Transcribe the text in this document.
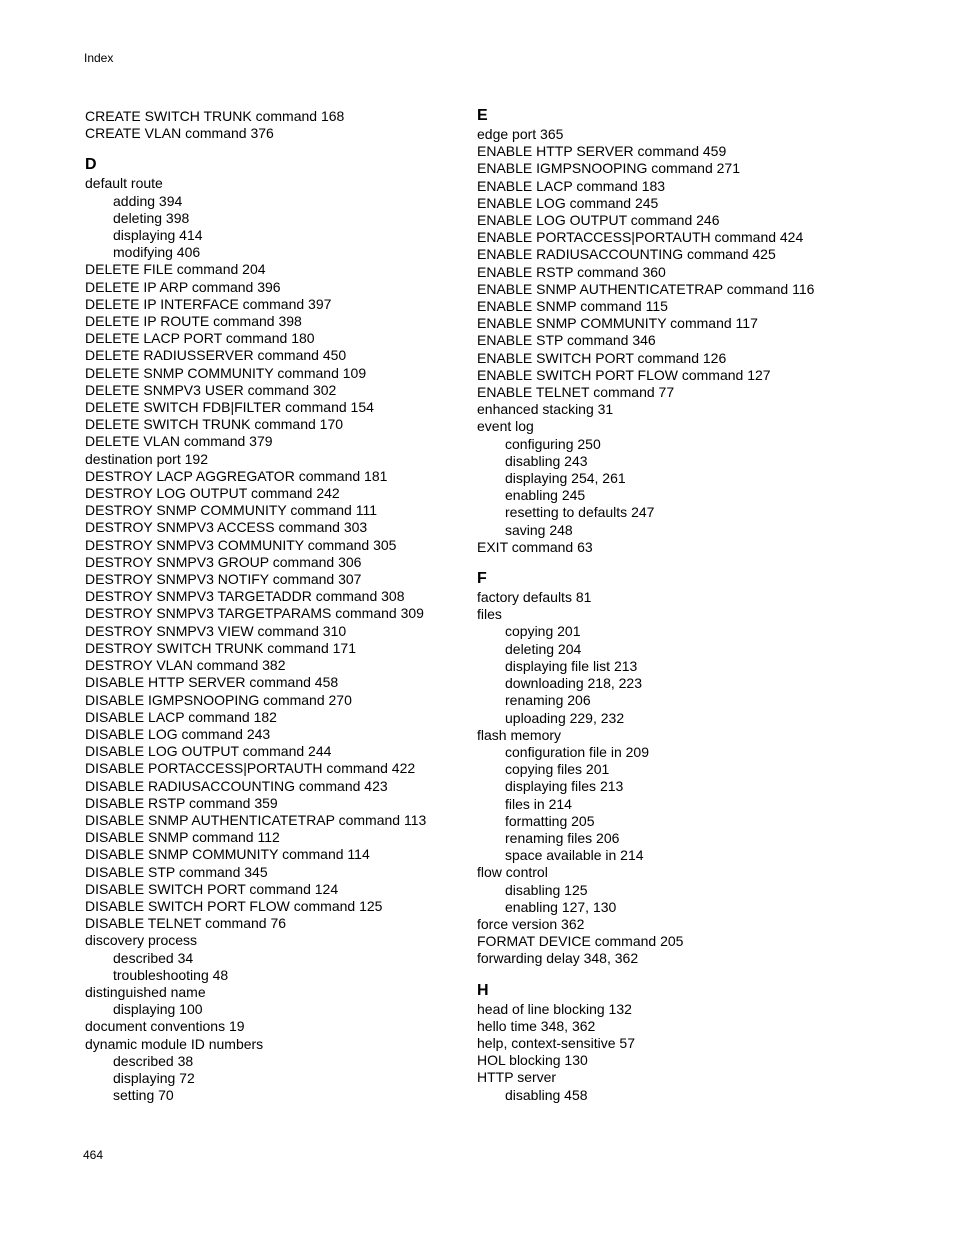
Index
CREATE SWITCH TRUNK command 168
CREATE VLAN command 376
D
default route
adding 394
deleting 398
displaying 414
modifying 406
DELETE FILE command 204
DELETE IP ARP command 396
DELETE IP INTERFACE command 397
DELETE IP ROUTE command 398
DELETE LACP PORT command 180
DELETE RADIUSSERVER command 450
DELETE SNMP COMMUNITY command 109
DELETE SNMPV3 USER command 302
DELETE SWITCH FDB|FILTER command 154
DELETE SWITCH TRUNK command 170
DELETE VLAN command 379
destination port 192
DESTROY LACP AGGREGATOR command 181
DESTROY LOG OUTPUT command 242
DESTROY SNMP COMMUNITY command 111
DESTROY SNMPV3 ACCESS command 303
DESTROY SNMPV3 COMMUNITY command 305
DESTROY SNMPV3 GROUP command 306
DESTROY SNMPV3 NOTIFY command 307
DESTROY SNMPV3 TARGETADDR command 308
DESTROY SNMPV3 TARGETPARAMS command 309
DESTROY SNMPV3 VIEW command 310
DESTROY SWITCH TRUNK command 171
DESTROY VLAN command 382
DISABLE HTTP SERVER command 458
DISABLE IGMPSNOOPING command 270
DISABLE LACP command 182
DISABLE LOG command 243
DISABLE LOG OUTPUT command 244
DISABLE PORTACCESS|PORTAUTH command 422
DISABLE RADIUSACCOUNTING command 423
DISABLE RSTP command 359
DISABLE SNMP AUTHENTICATETRAP command 113
DISABLE SNMP command 112
DISABLE SNMP COMMUNITY command 114
DISABLE STP command 345
DISABLE SWITCH PORT command 124
DISABLE SWITCH PORT FLOW command 125
DISABLE TELNET command 76
discovery process
described 34
troubleshooting 48
distinguished name
displaying 100
document conventions 19
dynamic module ID numbers
described 38
displaying 72
setting 70
E
edge port 365
ENABLE HTTP SERVER command 459
ENABLE IGMPSNOOPING command 271
ENABLE LACP command 183
ENABLE LOG command 245
ENABLE LOG OUTPUT command 246
ENABLE PORTACCESS|PORTAUTH command 424
ENABLE RADIUSACCOUNTING command 425
ENABLE RSTP command 360
ENABLE SNMP AUTHENTICATETRAP command 116
ENABLE SNMP command 115
ENABLE SNMP COMMUNITY command 117
ENABLE STP command 346
ENABLE SWITCH PORT command 126
ENABLE SWITCH PORT FLOW command 127
ENABLE TELNET command 77
enhanced stacking 31
event log
configuring 250
disabling 243
displaying 254, 261
enabling 245
resetting to defaults 247
saving 248
EXIT command 63
F
factory defaults 81
files
copying 201
deleting 204
displaying file list 213
downloading 218, 223
renaming 206
uploading 229, 232
flash memory
configuration file in 209
copying files 201
displaying files 213
files in 214
formatting 205
renaming files 206
space available in 214
flow control
disabling 125
enabling 127, 130
force version 362
FORMAT DEVICE command 205
forwarding delay 348, 362
H
head of line blocking 132
hello time 348, 362
help, context-sensitive 57
HOL blocking 130
HTTP server
disabling 458
464
